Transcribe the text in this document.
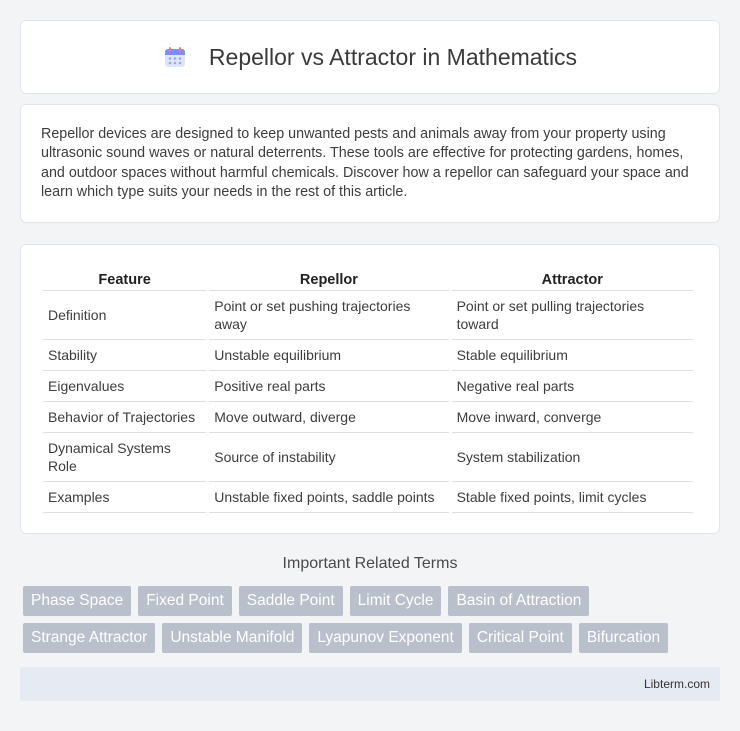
Repellor vs Attractor in Mathematics

Repellor devices are designed to keep unwanted pests and animals away from your property using ultrasonic sound waves or natural deterrents. These tools are effective for protecting gardens, homes, and outdoor spaces without harmful chemicals. Discover how a repellor can safeguard your space and learn which type suits your needs in the rest of this article.

Feature	Repellor	Attractor
Definition	Point or set pushing trajectories away	Point or set pulling trajectories toward
Stability	Unstable equilibrium	Stable equilibrium
Eigenvalues	Positive real parts	Negative real parts
Behavior of Trajectories	Move outward, diverge	Move inward, converge
Dynamical Systems Role	Source of instability	System stabilization
Examples	Unstable fixed points, saddle points	Stable fixed points, limit cycles
Important Related Terms
Phase Space	Fixed Point	Saddle Point	Limit Cycle	Basin of Attraction
Strange Attractor	Unstable Manifold	Lyapunov Exponent	Critical Point	Bifurcation
Libterm.com
